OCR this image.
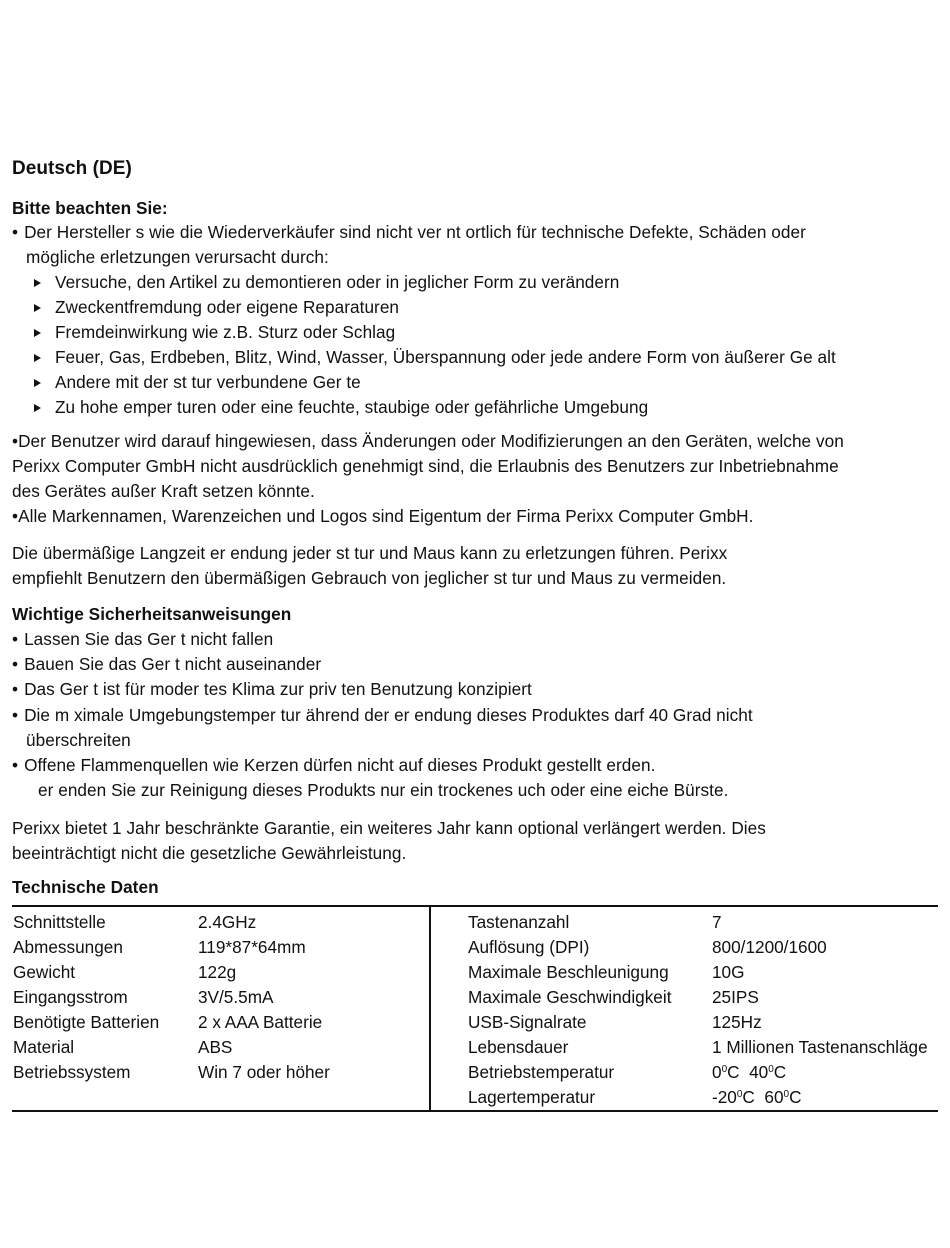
Deutsch (DE)
Bitte beachten Sie:
• Der Hersteller s wie die Wiederverkäufer sind nicht ver nt ortlich für technische Defekte, Schäden oder
mögliche erletzungen verursacht durch:
Versuche, den Artikel zu demontieren oder in jeglicher Form zu verändern
Zweckentfremdung oder eigene Reparaturen
Fremdeinwirkung wie z.B. Sturz oder Schlag
Feuer, Gas, Erdbeben, Blitz, Wind, Wasser, Überspannung oder jede andere Form von äußerer Ge alt
Andere mit der st tur verbundene Ger te
Zu hohe emper turen oder eine feuchte, staubige oder gefährliche Umgebung
•Der Benutzer wird darauf hingewiesen, dass Änderungen oder Modifizierungen an den Geräten, welche von
Perixx Computer GmbH nicht ausdrücklich genehmigt sind, die Erlaubnis des Benutzers zur Inbetriebnahme
des Gerätes außer Kraft setzen könnte.
•Alle Markennamen, Warenzeichen und Logos sind Eigentum der Firma Perixx Computer GmbH.
Die übermäßige Langzeit er endung jeder st tur und Maus kann zu erletzungen führen. Perixx
empfiehlt Benutzern den übermäßigen Gebrauch von jeglicher st tur und Maus zu vermeiden.
Wichtige Sicherheitsanweisungen
• Lassen Sie das Ger t nicht fallen
• Bauen Sie das Ger t nicht auseinander
• Das Ger t ist für moder tes Klima zur priv ten Benutzung konzipiert
• Die m ximale Umgebungstemper tur ährend der er endung dieses Produktes darf 40 Grad nicht
überschreiten
• Offene Flammenquellen wie Kerzen dürfen nicht auf dieses Produkt gestellt erden.
er enden Sie zur Reinigung dieses Produkts nur ein trockenes uch oder eine eiche Bürste.
Perixx bietet 1 Jahr beschränkte Garantie, ein weiteres Jahr kann optional verlängert werden. Dies
beeinträchtigt nicht die gesetzliche Gewährleistung.
Technische Daten
Schnittstelle	2.4GHz
Abmessungen	119*87*64mm
Gewicht	122g
Eingangsstrom	3V/5.5mA
Benötigte Batterien 2 x AAA Batterie
Material	ABS
Betriebssystem	Win 7 oder höher
Tastenanzahl	7
Auflösung (DPI)	800/1200/1600
Maximale Beschleunigung	10G
Maximale Geschwindigkeit 25IPS
USB-Signalrate	125Hz
Lebensdauer	1 Millionen Tastenanschläge
Betriebstemperatur	$0^0C$ $40^0C$
Lagertemperatur	$-20^0C$ $60^0C$
